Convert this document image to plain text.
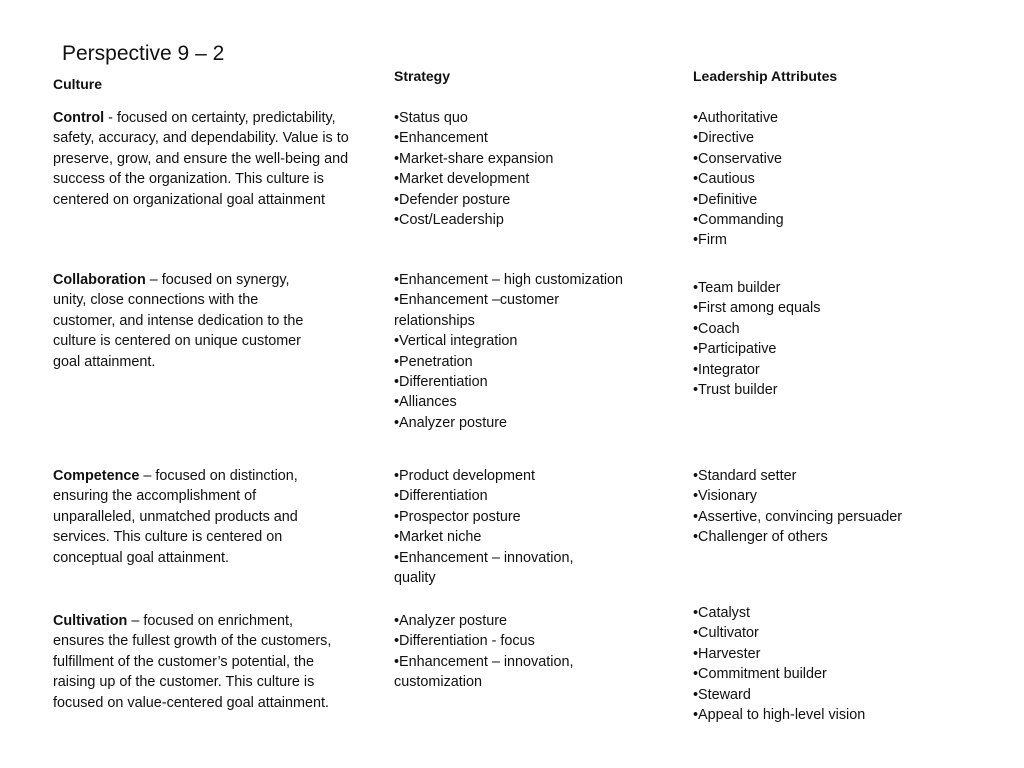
Perspective 9 – 2
Culture	Strategy	Leadership Attributes
Control - focused on certainty, predictability, safety, accuracy, and dependability. Value is to preserve, grow, and ensure the well-being and success of the organization. This culture is centered on organizational goal attainment
• Status quo
• Enhancement
• Market-share expansion
• Market development
• Defender posture
• Cost/Leadership
• Authoritative
• Directive
• Conservative
• Cautious
• Definitive
• Commanding
• Firm
Collaboration – focused on synergy, unity, close connections with the customer, and intense dedication to the culture is centered on unique customer goal attainment.
• Enhancement – high customization
• Enhancement –customer relationships
• Vertical integration
• Penetration
• Differentiation
• Alliances
• Analyzer posture
• Team builder
• First among equals
• Coach
• Participative
• Integrator
• Trust builder
Competence – focused on distinction, ensuring the accomplishment of unparalleled, unmatched products and services. This culture is centered on conceptual goal attainment.
• Product development
• Differentiation
• Prospector posture
• Market niche
• Enhancement – innovation, quality
• Standard setter
• Visionary
• Assertive, convincing persuader
• Challenger of others
Cultivation – focused on enrichment, ensures the fullest growth of the customers, fulfillment of the customer’s potential, the raising up of the customer. This culture is focused on value-centered goal attainment.
• Analyzer posture
• Differentiation - focus
• Enhancement – innovation, customization
• Catalyst
• Cultivator
• Harvester
• Commitment builder
• Steward
• Appeal to high-level vision
